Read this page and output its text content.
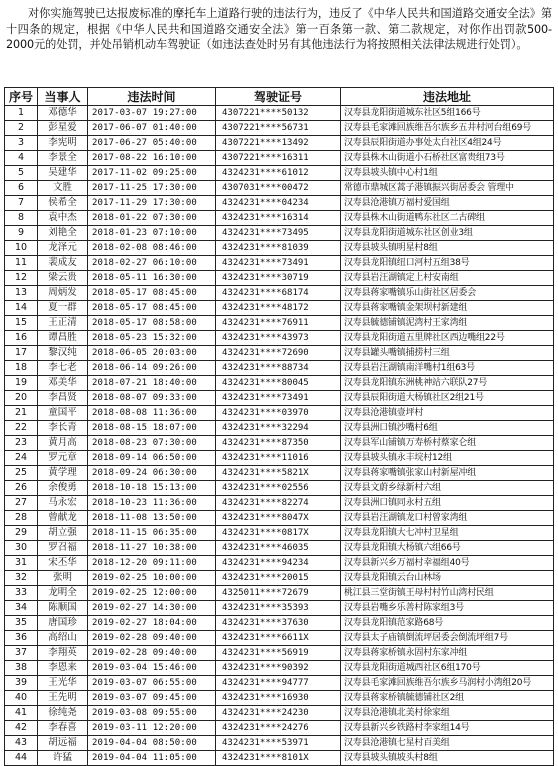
对你实施驾驶已达报废标准的摩托车上道路行驶的违法行为，违反了《中华人民共和国道路交通安全法》第十四条的规定，根据《中华人民共和国道路交通安全法》第一百条第一款、第二款规定，对你作出罚款500-2000元的处罚，并处吊销机动车驾驶证（如违法查处时另有其他违法行为将按照相关法律法规进行处罚）。

序号	当事人	违法时间	驾驶证号	违法地址
1	邓德华	2017-03-07 19:27:00	4307221****50132	汉寿县龙阳街道城东社区5组166号
2	彭星爱	2017-06-07 01:40:00	4307221****56731	汉寿县毛家滩回族维吾尔族乡五井村河台组69号
3	李宪明	2017-06-27 05:40:00	4307221****13492	汉寿县辰阳街道办事处太白社区4组24号
4	李景全	2017-08-22 16:10:00	4307221****16311	汉寿县株木山街道小石桥社区富贵组73号
5	吴建华	2017-11-02 09:25:00	4324231****61012	汉寿县坡头镇中心村1组
6	文胜	2017-11-25 17:30:00	4307031****00472	常德市鼎城区蒿子港镇振兴街居委会 管理中
7	侯希全	2017-11-29 17:30:00	4324231****04234	汉寿县沧港镇万福村爱国组
8	袁中杰	2018-01-22 07:30:00	4324231****16314	汉寿县株木山街道鸭东社区二古碑组
9	刘艳全	2018-01-23 07:10:00	4324231****73495	汉寿县龙阳街道城东社区创业3组
10	龙泽元	2018-02-08 08:46:00	4324231****81039	汉寿县坡头镇明星村8组
11	裴成友	2018-02-27 06:10:00	4324231****73491	汉寿县龙阳镇纽口河村五组38号
12	梁云贵	2018-05-11 16:30:00	4324231****30719	汉寿县岩汪湖镇定上村安南组
13	周炳发	2018-05-17 08:45:00	4324231****68174	汉寿县蒋家嘴镇乐山街社区居委会
14	夏一群	2018-05-17 08:45:00	4324231****48172	汉寿县蒋家嘴镇金架坝村新建组
15	王正清	2018-05-17 08:58:00	4324231****76911	汉寿县毓德铺镇泥湾村王家湾组
16	谭昌胜	2018-05-23 15:32:00	4324231****43973	汉寿县龙阳街道五里牌社区西边嘴组22号
17	黎汉纯	2018-06-05 20:03:00	4324231****72690	汉寿县罐头嘴镇捕捞村三组
18	李七老	2018-06-14 09:26:00	4324231****88734	汉寿县岩汪湖镇南洋嘴村1组63号
19	邓美华	2018-07-21 18:40:00	4324231****80045	汉寿县龙阳镇东洲桃神站六联队27号
20	李昌贤	2018-08-07 09:33:00	4324231****73491	汉寿县辰阳街道大杨镇社区2组21号
21	童国平	2018-08-08 11:36:00	4324231****03970	汉寿县沧港镇壹坪村
22	李长青	2018-08-15 18:07:00	4324231****32294	汉寿县洲口镇沙嘴村6组
23	黄月高	2018-08-23 07:30:00	4324231****87350	汉寿县军山铺镇万寿桥村蔡家仑组
24	罗元章	2018-09-14 06:50:00	4324231****11016	汉寿县坡头镇永丰垸村12组
25	黄学理	2018-09-24 06:30:00	4324231****5821X	汉寿县蒋家嘴镇张家山村新屋冲组
26	余俊勇	2018-10-18 15:13:00	4324231****02556	汉寿县文蔚乡绿新村六组
27	马永宏	2018-10-23 11:36:00	4324231****82274	汉寿县洲口镇同永村五组
28	曾献龙	2018-11-08 13:50:00	4324231****8047X	汉寿县岩汪湖镇龙口村曾家湾组
29	胡立强	2018-11-15 06:35:00	4324231****0817X	汉寿县龙阳镇大七冲村卫星组
30	罗召福	2018-11-27 10:38:00	4324231****46035	汉寿县龙阳镇大杨镇六组66号
31	宋丕华	2018-12-20 09:11:00	4324231****94234	汉寿县新兴乡万福村幸福组40号
32	张明	2019-02-25 10:00:00	4324231****20015	汉寿县龙阳镇云台山林场
33	龙明全	2019-02-25 12:00:00	4325011****72679	桃江县三堂街镇王母村村竹山湾村民组
34	陈顺国	2019-02-27 14:30:00	4324231****35393	汉寿县岩嘴乡乐善村陈家组3号
35	唐国珍	2019-02-27 18:04:00	4324231****37630	汉寿县龙阳镇范家路68号
36	高绍山	2019-02-28 09:40:00	4324231****6611X	汉寿县太子庙镇倒流坪居委会倒流坪组7号
37	李翔英	2019-02-28 09:40:00	4324231****56919	汉寿县蒋家桥镇永固村东家冲组
38	李恩来	2019-03-04 15:46:00	4324231****90392	汉寿县龙阳街道城西社区6组170号
39	王光华	2019-03-07 06:55:00	4324231****94777	汉寿县毛家滩回族维吾尔族乡马润村小湾组20号
40	王先明	2019-03-07 09:45:00	4324231****16930	汉寿县蒋家桥镇毓德铺社区2组
41	徐纯尧	2019-03-08 09:55:00	4324231****24230	汉寿县沧港镇北美村徐家组
42	李春喜	2019-03-11 12:20:00	4324231****24276	汉寿县新兴乡铁路村李家组14号
43	胡远福	2019-04-04 08:50:00	4324231****53971	汉寿县沧港镇七星村百美组
44	许猛	2019-04-04 11:05:00	4324231****8101X	汉寿县坡头镇坡头村8组
